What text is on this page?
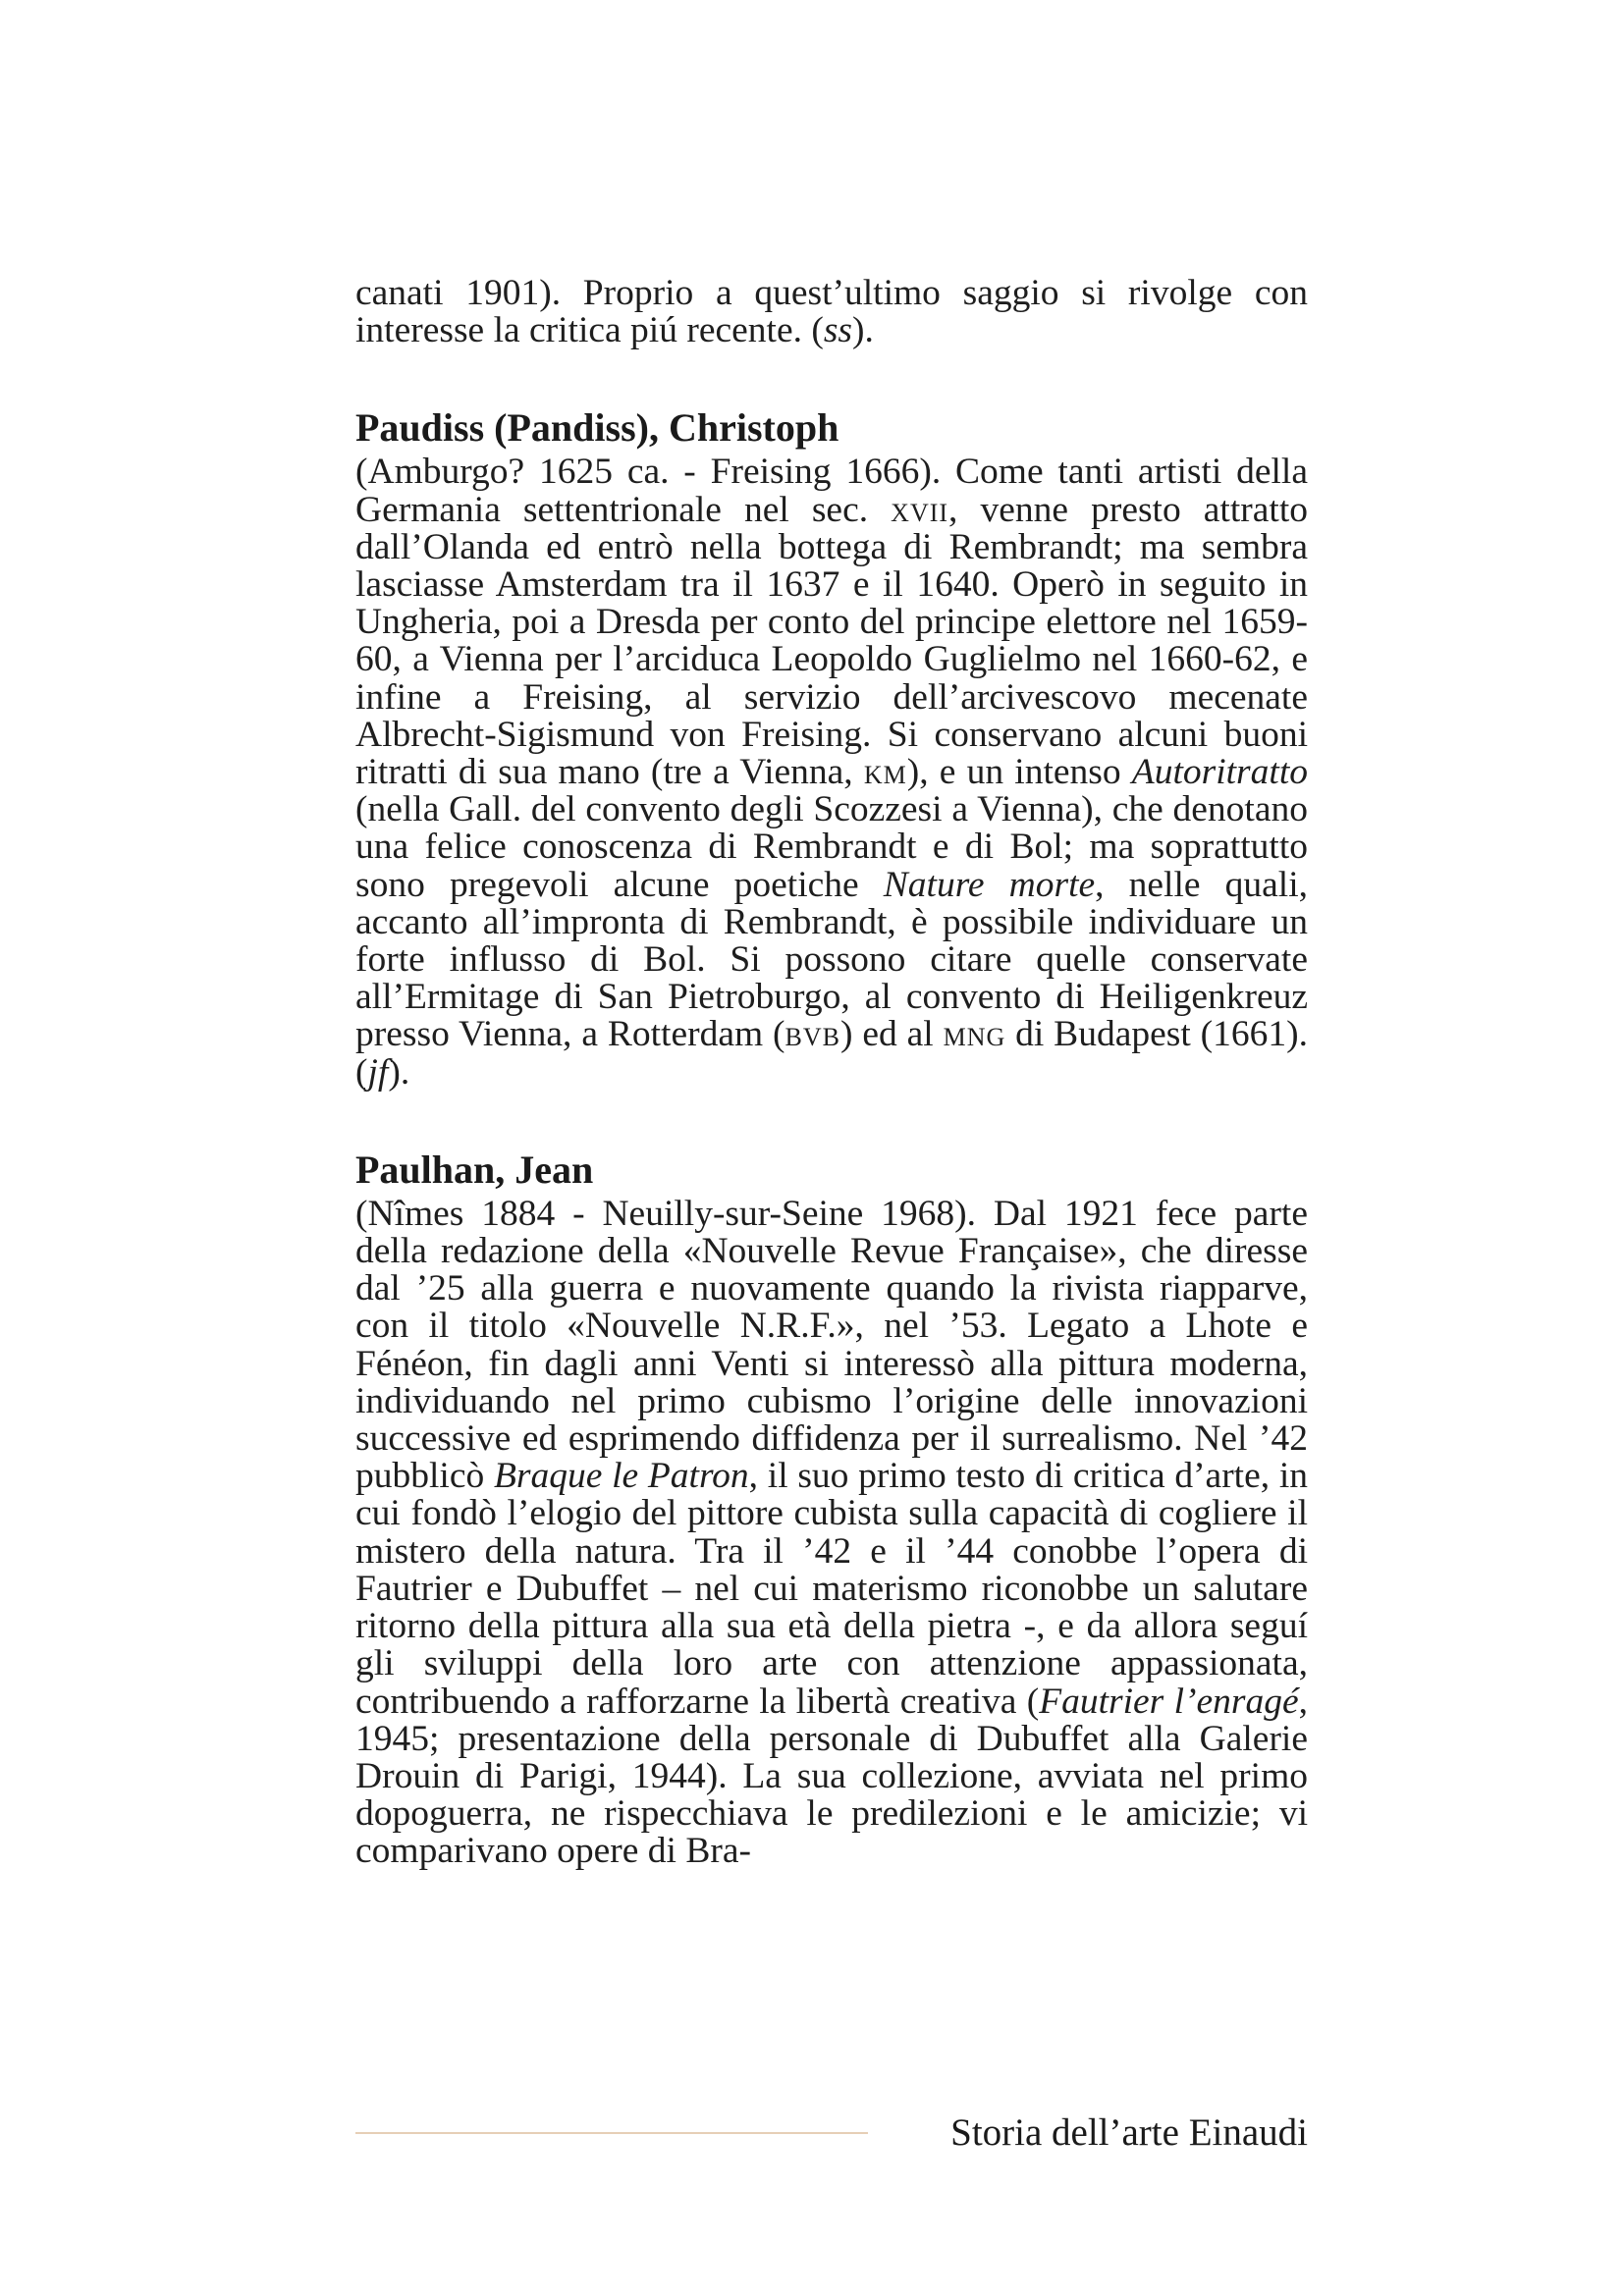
canati 1901). Proprio a quest’ultimo saggio si rivolge con interesse la critica piú recente. (ss).

Paudiss (Pandiss), Christoph

(Amburgo? 1625 ca. - Freising 1666). Come tanti artisti della Germania settentrionale nel sec. xvii, venne presto attratto dall’Olanda ed entrò nella bottega di Rembrandt; ma sembra lasciasse Amsterdam tra il 1637 e il 1640. Operò in seguito in Ungheria, poi a Dresda per conto del principe elettore nel 1659-60, a Vienna per l’arciduca Leopoldo Guglielmo nel 1660-62, e infine a Freising, al servizio dell’arcivescovo mecenate Albrecht-Sigismund von Freising. Si conservano alcuni buoni ritratti di sua mano (tre a Vienna, km), e un intenso Autoritratto (nella Gall. del convento degli Scozzesi a Vienna), che denotano una felice conoscenza di Rembrandt e di Bol; ma soprattutto sono pregevoli alcune poetiche Nature morte, nelle quali, accanto all’impronta di Rembrandt, è possibile individuare un forte influsso di Bol. Si possono citare quelle conservate all’Ermitage di San Pietroburgo, al convento di Heiligenkreuz presso Vienna, a Rotterdam (bvb) ed al mng di Budapest (1661). (jf).

Paulhan, Jean

(Nîmes 1884 - Neuilly-sur-Seine 1968). Dal 1921 fece parte della redazione della «Nouvelle Revue Française», che diresse dal ’25 alla guerra e nuovamente quando la rivista riapparve, con il titolo «Nouvelle N.R.F.», nel ’53. Legato a Lhote e Fénéon, fin dagli anni Venti si interessò alla pittura moderna, individuando nel primo cubismo l’origine delle innovazioni successive ed esprimendo diffidenza per il surrealismo. Nel ’42 pubblicò Braque le Patron, il suo primo testo di critica d’arte, in cui fondò l’elogio del pittore cubista sulla capacità di cogliere il mistero della natura. Tra il ’42 e il ’44 conobbe l’opera di Fautrier e Dubuffet – nel cui materismo riconobbe un salutare ritorno della pittura alla sua età della pietra -, e da allora seguí gli sviluppi della loro arte con attenzione appassionata, contribuendo a rafforzarne la libertà creativa (Fautrier l’enragé, 1945; presentazione della personale di Dubuffet alla Galerie Drouin di Parigi, 1944). La sua collezione, avviata nel primo dopoguerra, ne rispecchiava le predilezioni e le amicizie; vi comparivano opere di Bra-

Storia dell’arte Einaudi
